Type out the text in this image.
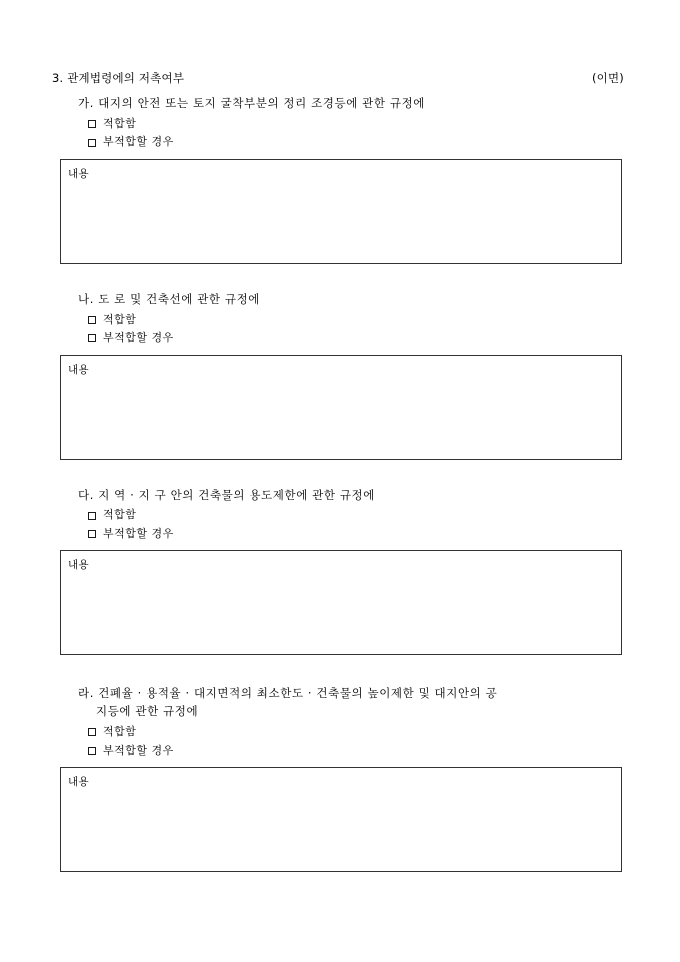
3. 관계법령에의 저촉여부	(이면)
가. 대지의 안전 또는 토지 굴착부분의 정리 조경등에 관한 규정에
적합함
부적합할 경우
내용
나. 도 로 및 건축선에 관한 규정에
적합함
부적합할 경우
내용
다. 지 역 · 지 구 안의 건축물의 용도제한에 관한 규정에
적합함
부적합할 경우
내용
라. 건폐율 · 용적율 · 대지면적의 최소한도 · 건축물의 높이제한 및 대지안의 공
지등에 관한 규정에
적합함
부적합할 경우
내용
